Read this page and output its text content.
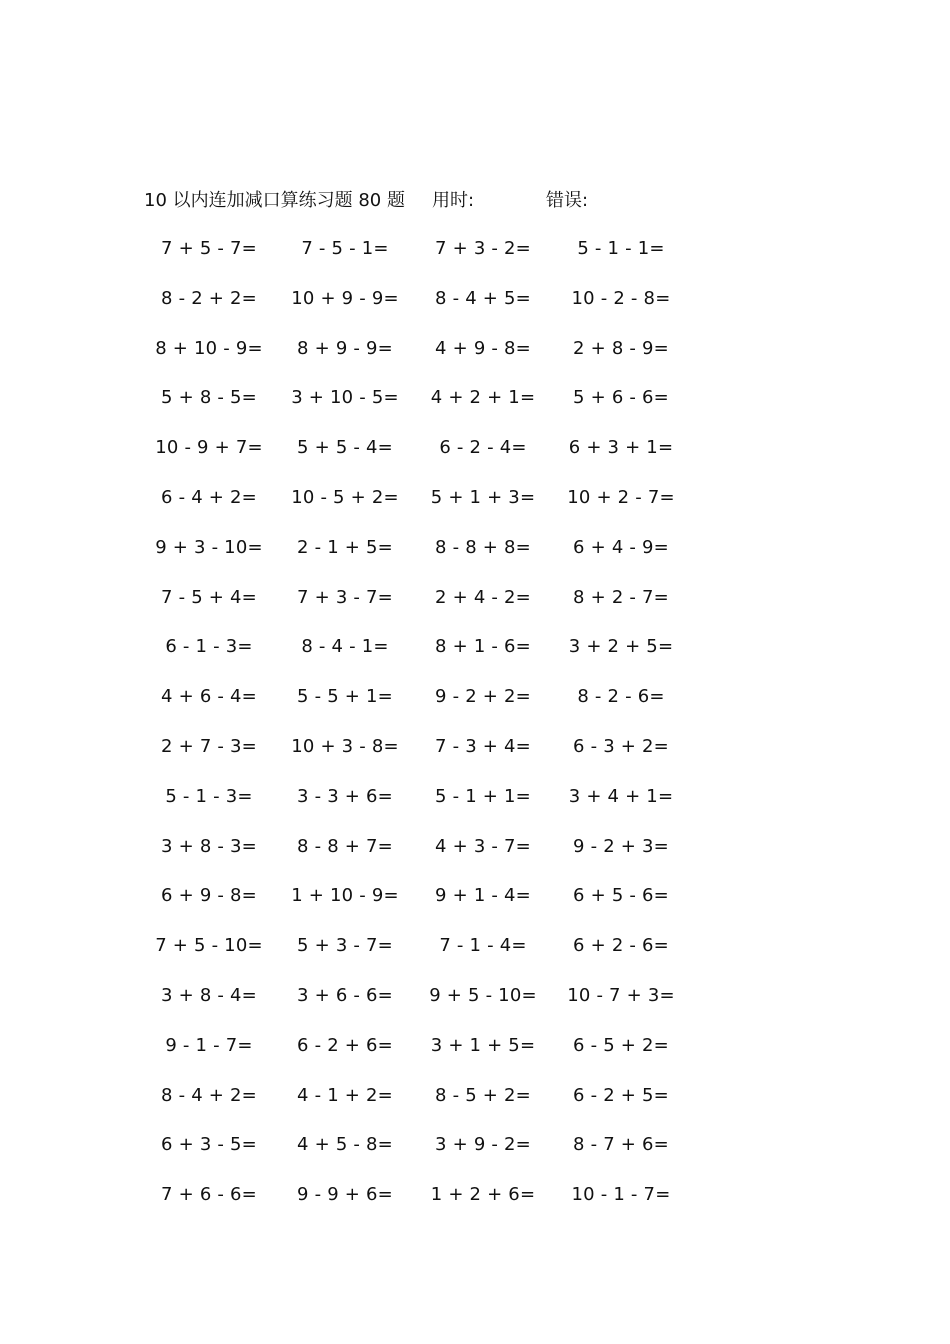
10 以内连加减口算练习题 80 题 用时:	错误:
7 + 5 - 7=	7 - 5 - 1=	7 + 3 - 2=	5 - 1 - 1=
8 - 2 + 2=	10 + 9 - 9=	8 - 4 + 5=	10 - 2 - 8=
8 + 10 - 9=	8 + 9 - 9=	4 + 9 - 8=	2 + 8 - 9=
5 + 8 - 5=	3 + 10 - 5= 4 + 2 + 1=	5 + 6 - 6=
10 - 9 + 7=	5 + 5 - 4=	6 - 2 - 4=	6 + 3 + 1=
6 - 4 + 2=	10 - 5 + 2= 5 + 1 + 3= 10 + 2 - 7=
9 + 3 - 10=	2 - 1 + 5=	8 - 8 + 8=	6 + 4 - 9=
7 - 5 + 4=	7 + 3 - 7=	2 + 4 - 2=	8 + 2 - 7=
6 - 1 - 3=	8 - 4 - 1=	8 + 1 - 6=	3 + 2 + 5=
4 + 6 - 4=	5 - 5 + 1=	9 - 2 + 2=	8 - 2 - 6=
2 + 7 - 3=	10 + 3 - 8=	7 - 3 + 4=	6 - 3 + 2=
5 - 1 - 3=	3 - 3 + 6=	5 - 1 + 1=	3 + 4 + 1=
3 + 8 - 3=	8 - 8 + 7=	4 + 3 - 7=	9 - 2 + 3=
6 + 9 - 8=	1 + 10 - 9=	9 + 1 - 4=	6 + 5 - 6=
7 + 5 - 10=	5 + 3 - 7=	7 - 1 - 4=	6 + 2 - 6=
3 + 8 - 4=	3 + 6 - 6=	9 + 5 - 10= 10 - 7 + 3=
9 - 1 - 7=	6 - 2 + 6=	3 + 1 + 5=	6 - 5 + 2=
8 - 4 + 2=	4 - 1 + 2=	8 - 5 + 2=	6 - 2 + 5=
6 + 3 - 5=	4 + 5 - 8=	3 + 9 - 2=	8 - 7 + 6=
7 + 6 - 6=	9 - 9 + 6=	1 + 2 + 6=	10 - 1 - 7=
